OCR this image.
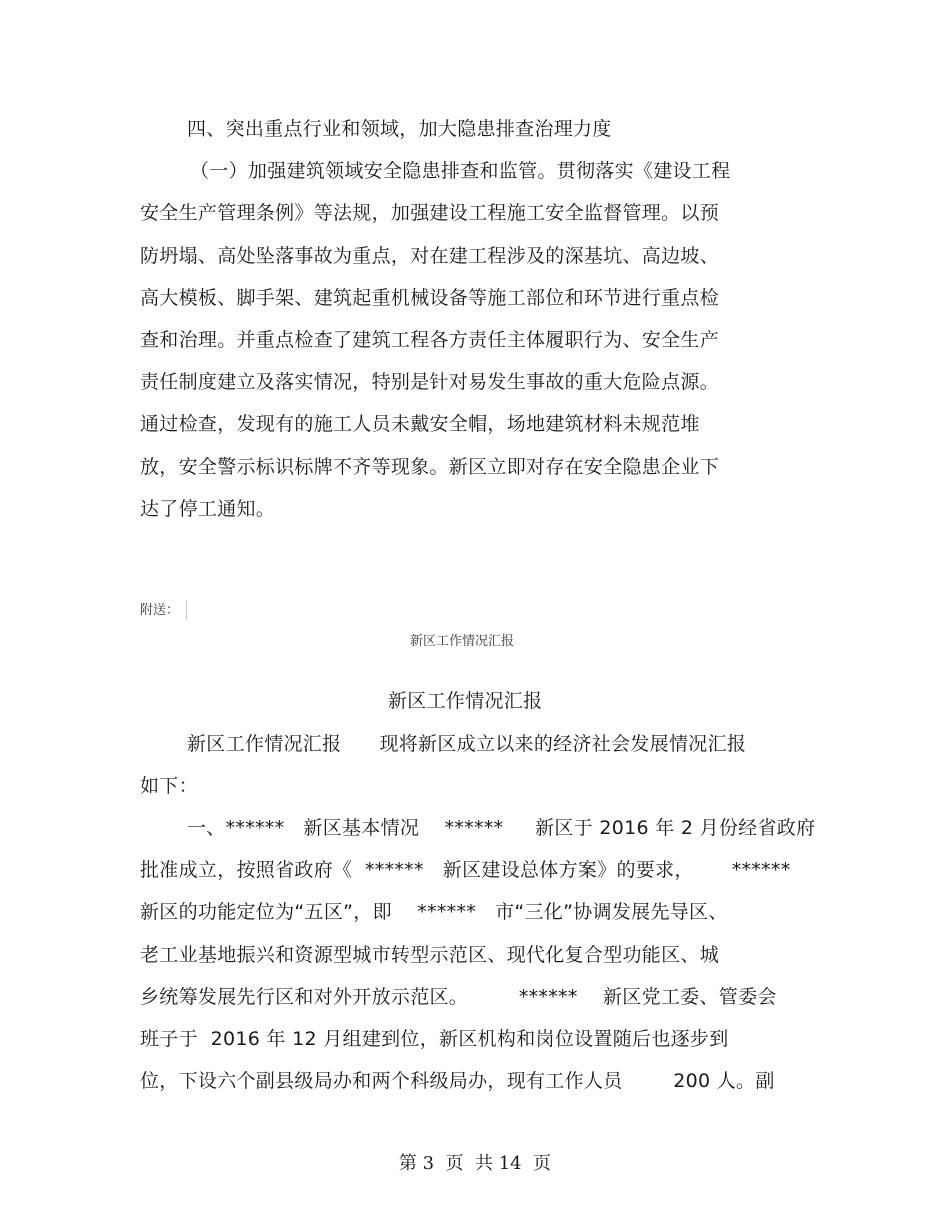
四、突出重点行业和领域，加大隐患排查治理力度
（一）加强建筑领域安全隐患排查和监管。贯彻落实《建设工程
安全生产管理条例》等法规，加强建设工程施工安全监督管理。以预
防坍塌、高处坠落事故为重点，对在建工程涉及的深基坑、高边坡、
高大模板、脚手架、建筑起重机械设备等施工部位和环节进行重点检
查和治理。并重点检查了建筑工程各方责任主体履职行为、安全生产
责任制度建立及落实情况，特别是针对易发生事故的重大危险点源。
通过检查，发现有的施工人员未戴安全帽，场地建筑材料未规范堆
放，安全警示标识标牌不齐等现象。新区立即对存在安全隐患企业下
达了停工通知。
附送：
新区工作情况汇报
新区工作情况汇报
新区工作情况汇报      现将新区成立以来的经济社会发展情况汇报
如下：
一、******   新区基本情况    ******     新区于 2016 年 2 月份经省政府
批准成立，按照省政府《  ******   新区建设总体方案》的要求，      ******
新区的功能定位为“五区”，即    ******   市“三化”协调发展先导区、
老工业基地振兴和资源型城市转型示范区、现代化复合型功能区、城
乡统筹发展先行区和对外开放示范区。        ******    新区党工委、管委会
班子于  2016 年 12 月组建到位，新区机构和岗位设置随后也逐步到
位，下设六个副县级局办和两个科级局办，现有工作人员        200 人。副
第 3  页  共 14  页
